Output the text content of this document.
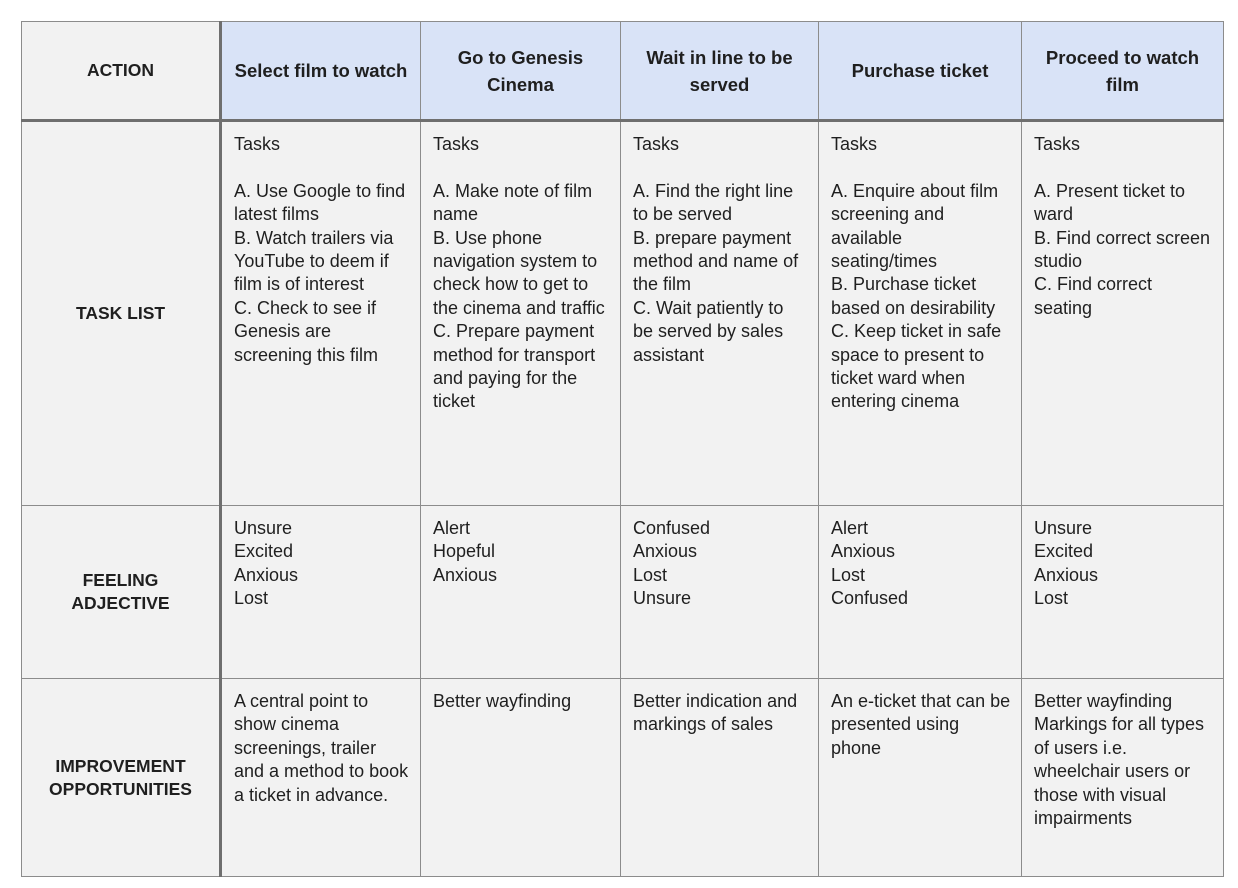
ACTION	Select film to watch	Go to Genesis Cinema	Wait in line to be served	Purchase ticket	Proceed to watch film

TASK LIST	Tasks
A. Use Google to find latest films
B. Watch trailers via YouTube to deem if film is of interest
C. Check to see if Genesis are screening this film	Tasks
A. Make note of film name
B. Use phone navigation system to check how to get to the cinema and traffic
C. Prepare payment method for transport and paying for the ticket	Tasks
A. Find the right line to be served
B. prepare payment method and name of the film
C. Wait patiently to be served by sales assistant	Tasks
A. Enquire about film screening and available seating/times
B. Purchase ticket based on desirability
C. Keep ticket in safe space to present to ticket ward when entering cinema	Tasks
A. Present ticket to ward
B. Find correct screen studio
C. Find correct seating

FEELING
ADJECTIVE	Unsure
Excited
Anxious
Lost	Alert
Hopeful
Anxious	Confused
Anxious
Lost
Unsure	Alert
Anxious
Lost
Confused	Unsure
Excited
Anxious
Lost

IMPROVEMENT
OPPORTUNITIES	A central point to show cinema screenings, trailer and a method to book a ticket in advance.	Better wayfinding	Better indication and markings of sales	An e-ticket that can be presented using phone	Better wayfinding
Markings for all types of users i.e. wheelchair users or those with visual impairments
